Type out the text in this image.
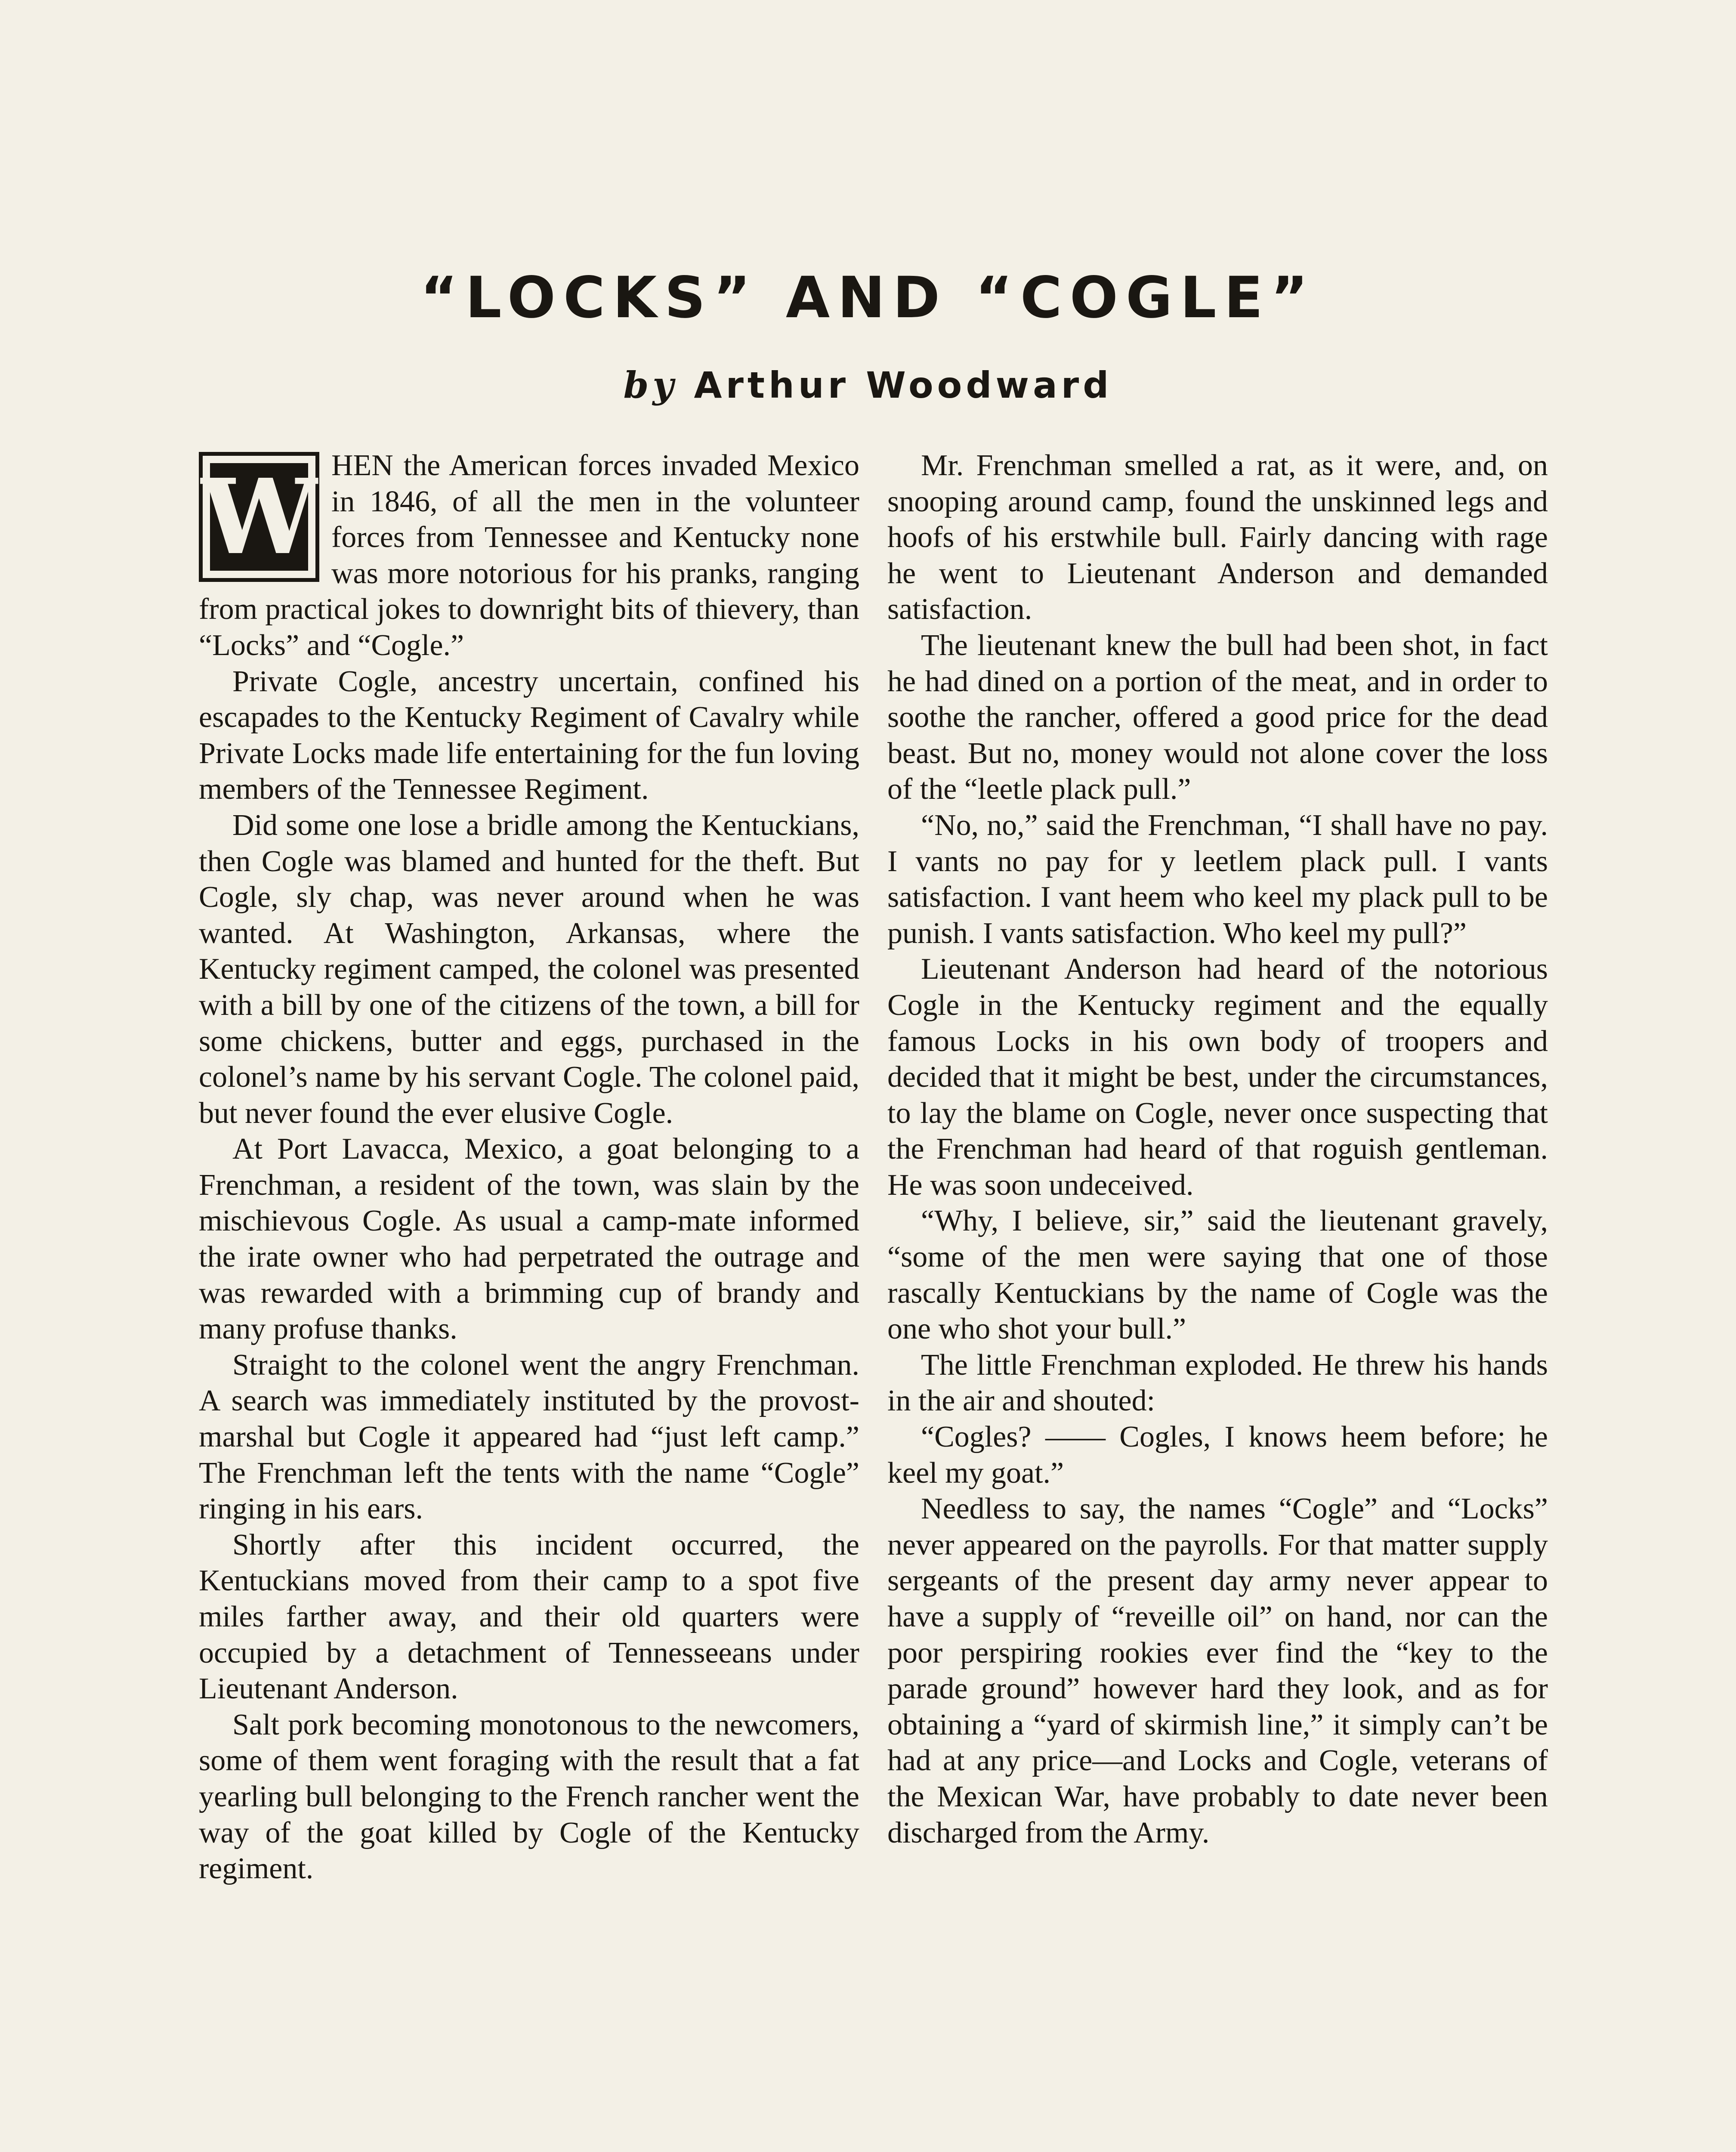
“LOCKS” AND “COGLE”
by Arthur Woodward
W HEN the American forces invaded Mexico in 1846, of all the men in the volunteer forces from Tennessee and Kentucky none was more notorious for his pranks, ranging from practical jokes to downright bits of thievery, than “Locks” and “Cogle.”

Private Cogle, ancestry uncertain, confined his escapades to the Kentucky Regiment of Cavalry while Private Locks made life entertaining for the fun loving members of the Tennessee Regiment.

Did some one lose a bridle among the Kentuckians, then Cogle was blamed and hunted for the theft. But Cogle, sly chap, was never around when he was wanted. At Washington, Arkansas, where the Kentucky regiment camped, the colonel was presented with a bill by one of the citizens of the town, a bill for some chickens, butter and eggs, purchased in the colonel’s name by his servant Cogle. The colonel paid, but never found the ever elusive Cogle.

At Port Lavacca, Mexico, a goat belonging to a Frenchman, a resident of the town, was slain by the mischievous Cogle. As usual a camp-mate informed the irate owner who had perpetrated the outrage and was rewarded with a brimming cup of brandy and many profuse thanks.

Straight to the colonel went the angry Frenchman. A search was immediately instituted by the provost-marshal but Cogle it appeared had “just left camp.” The Frenchman left the tents with the name “Cogle” ringing in his ears.

Shortly after this incident occurred, the Kentuckians moved from their camp to a spot five miles farther away, and their old quarters were occupied by a detachment of Tennesseeans under Lieutenant Anderson.

Salt pork becoming monotonous to the newcomers, some of them went foraging with the result that a fat yearling bull belonging to the French rancher went the way of the goat killed by Cogle of the Kentucky regiment.

Mr. Frenchman smelled a rat, as it were, and, on snooping around camp, found the unskinned legs and hoofs of his erstwhile bull. Fairly dancing with rage he went to Lieutenant Anderson and demanded satisfaction.

The lieutenant knew the bull had been shot, in fact he had dined on a portion of the meat, and in order to soothe the rancher, offered a good price for the dead beast. But no, money would not alone cover the loss of the “leetle plack pull.”

“No, no,” said the Frenchman, “I shall have no pay. I vants no pay for y leetlem plack pull. I vants satisfaction. I vant heem who keel my plack pull to be punish. I vants satisfaction. Who keel my pull?”

Lieutenant Anderson had heard of the notorious Cogle in the Kentucky regiment and the equally famous Locks in his own body of troopers and decided that it might be best, under the circumstances, to lay the blame on Cogle, never once suspecting that the Frenchman had heard of that roguish gentleman. He was soon undeceived.

“Why, I believe, sir,” said the lieutenant gravely, “some of the men were saying that one of those rascally Kentuckians by the name of Cogle was the one who shot your bull.”

The little Frenchman exploded. He threw his hands in the air and shouted:

“Cogles? —— Cogles, I knows heem before; he keel my goat.”

Needless to say, the names “Cogle” and “Locks” never appeared on the payrolls. For that matter supply sergeants of the present day army never appear to have a supply of “reveille oil” on hand, nor can the poor perspiring rookies ever find the “key to the parade ground” however hard they look, and as for obtaining a “yard of skirmish line,” it simply can’t be had at any price—and Locks and Cogle, veterans of the Mexican War, have probably to date never been discharged from the Army.
